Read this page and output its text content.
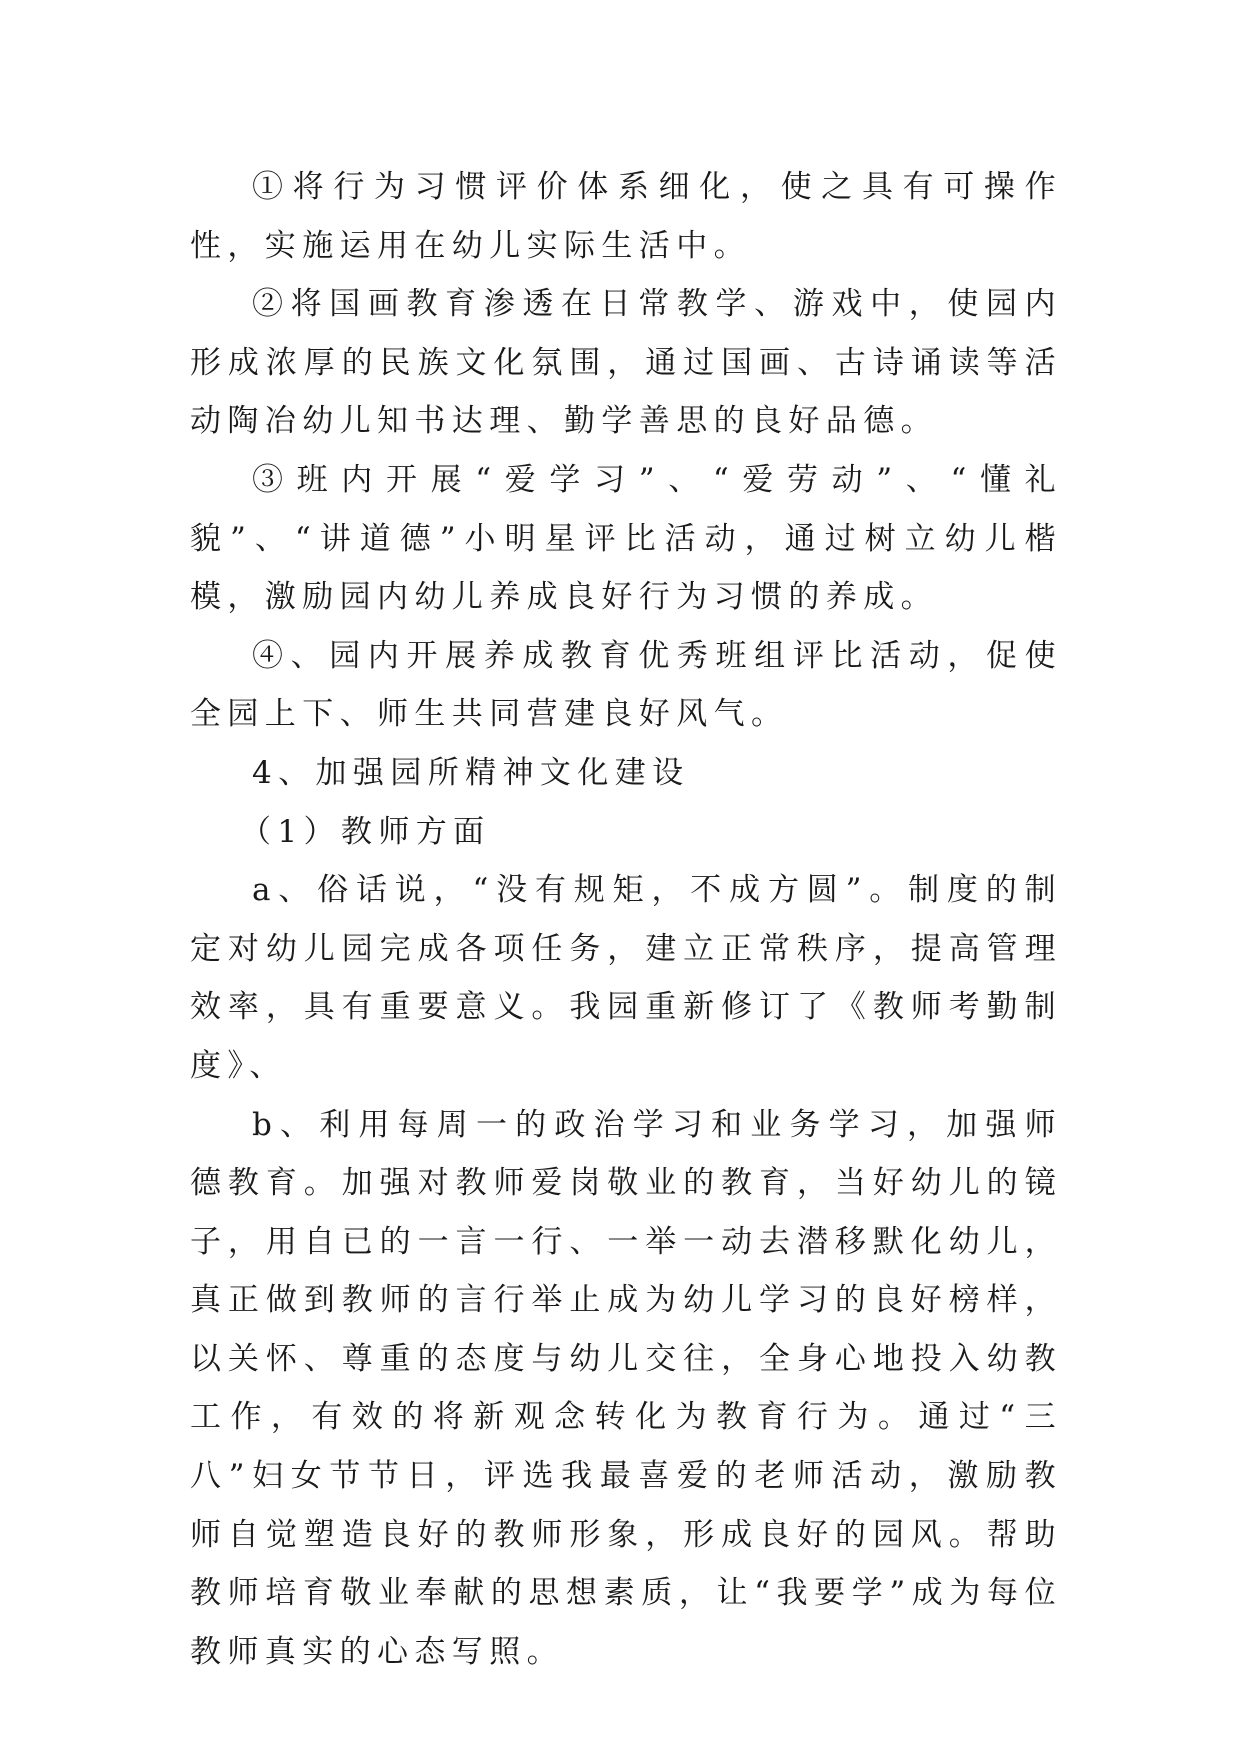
①将行为习惯评价体系细化，使之具有可操作性，实施运用在幼儿实际生活中。

②将国画教育渗透在日常教学、游戏中，使园内形成浓厚的民族文化氛围，通过国画、古诗诵读等活动陶冶幼儿知书达理、勤学善思的良好品德。

③班内开展“爱学习”、“爱劳动”、“懂礼貌”、“讲道德”小明星评比活动，通过树立幼儿楷模，激励园内幼儿养成良好行为习惯的养成。

④、园内开展养成教育优秀班组评比活动，促使全园上下、师生共同营建良好风气。

4、加强园所精神文化建设

（1）教师方面

a、俗话说，“没有规矩，不成方圆”。制度的制定对幼儿园完成各项任务，建立正常秩序，提高管理效率，具有重要意义。我园重新修订了《教师考勤制度》、

b、利用每周一的政治学习和业务学习，加强师德教育。加强对教师爱岗敬业的教育，当好幼儿的镜子，用自已的一言一行、一举一动去潜移默化幼儿，真正做到教师的言行举止成为幼儿学习的良好榜样，以关怀、尊重的态度与幼儿交往，全身心地投入幼教工作，有效的将新观念转化为教育行为。通过“三八”妇女节节日，评选我最喜爱的老师活动，激励教师自觉塑造良好的教师形象，形成良好的园风。帮助教师培育敬业奉献的思想素质，让“我要学”成为每位教师真实的心态写照。
